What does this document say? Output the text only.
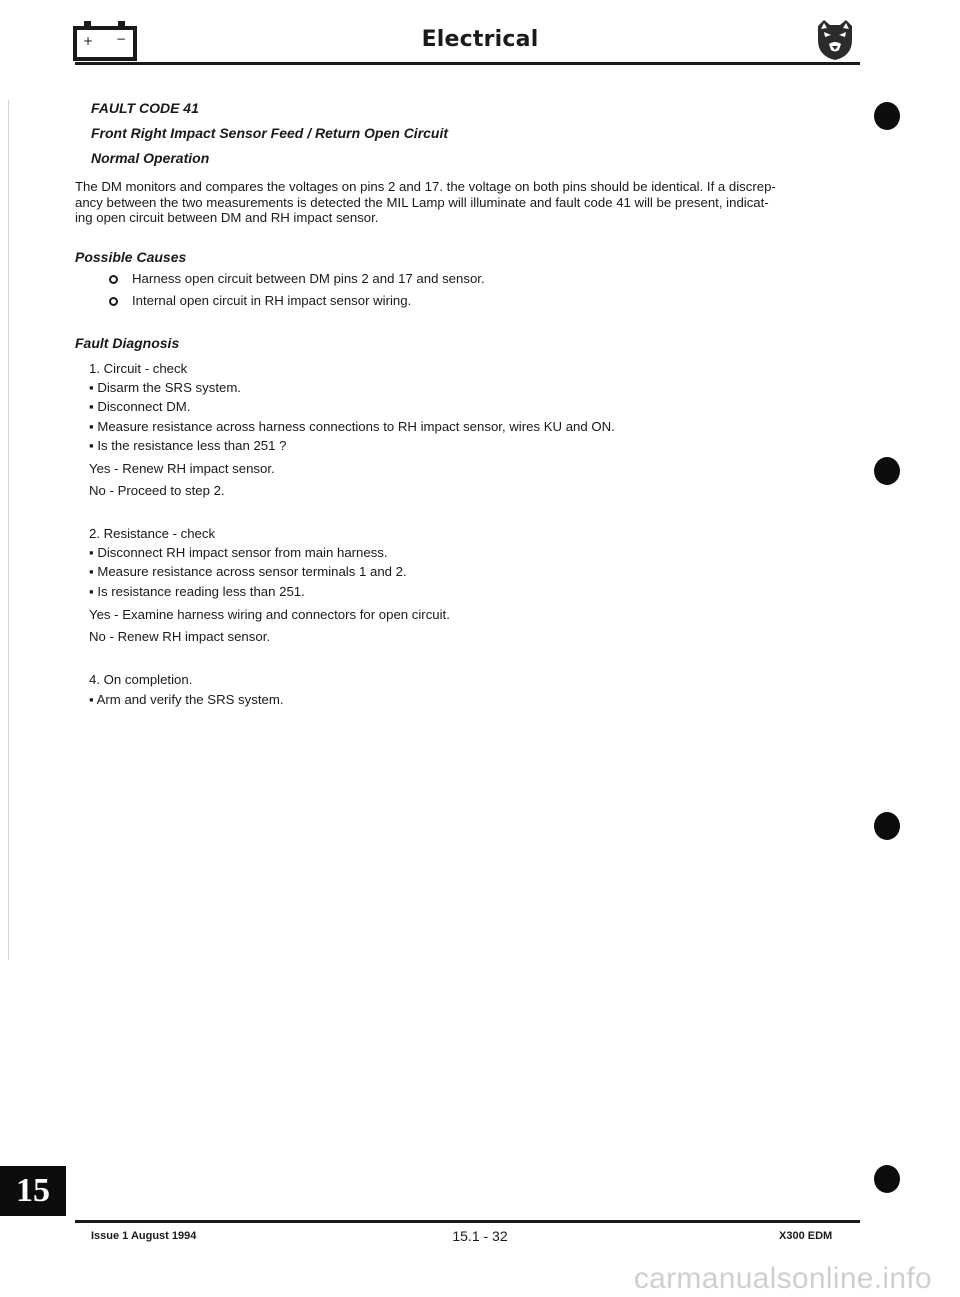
+ −	Electrical
FAULT CODE 41
Front Right Impact Sensor Feed / Return Open Circuit
Normal Operation
The DM monitors and compares the voltages on pins 2 and 17. the voltage on both pins should be identical. If a discrep-
ancy between the two measurements is detected the MIL Lamp will illuminate and fault code 41 will be present, indicat-
ing open circuit between DM and RH impact sensor.
Possible Causes
Harness open circuit between DM pins 2 and 17 and sensor.
Internal open circuit in RH impact sensor wiring.
Fault Diagnosis
1. Circuit - check
▪ Disarm the SRS system.
▪ Disconnect DM.
▪ Measure resistance across harness connections to RH impact sensor, wires KU and ON.
▪ Is the resistance less than 251 ?
Yes - Renew RH impact sensor.
No - Proceed to step 2.
2. Resistance - check
▪ Disconnect RH impact sensor from main harness.
▪ Measure resistance across sensor terminals 1 and 2.
▪ Is resistance reading less than 251.
Yes - Examine harness wiring and connectors for open circuit.
No - Renew RH impact sensor.
4. On completion.
▪ Arm and verify the SRS system.
15
Issue 1 August 1994	15.1 - 32	X300 EDM
carmanualsonline.info
